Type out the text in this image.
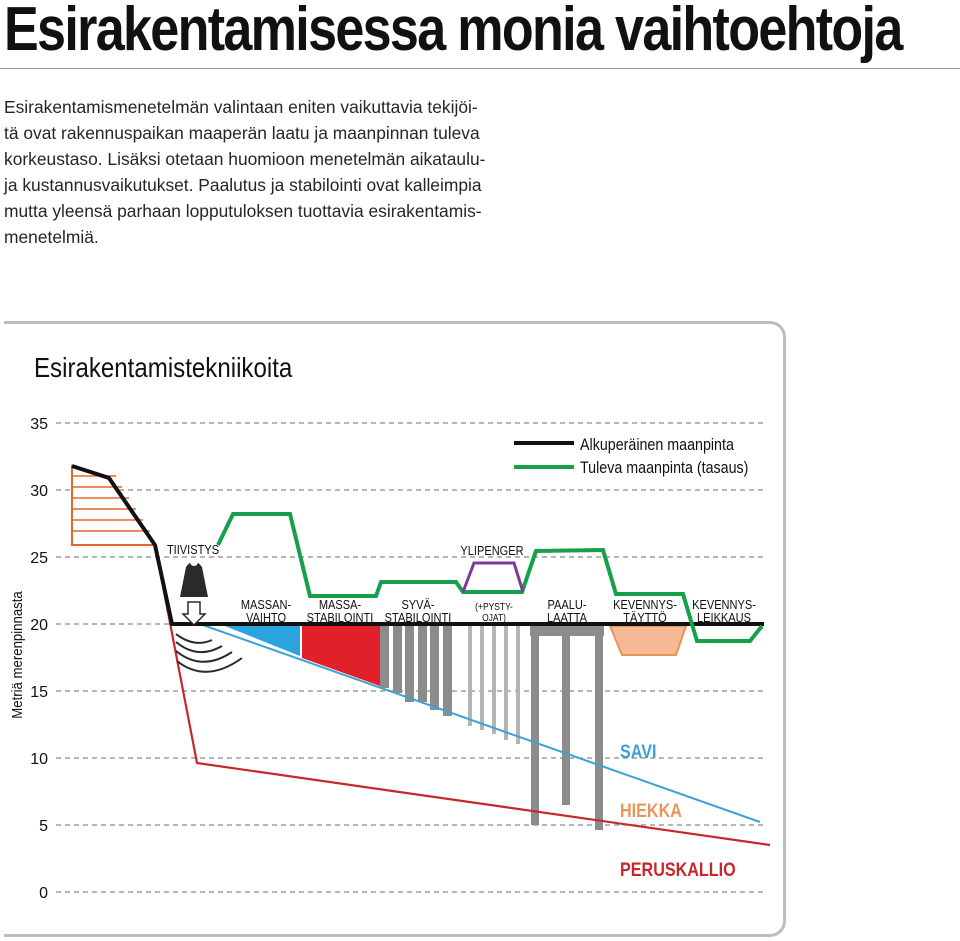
Esirakentamisessa monia vaihtoehtoja
Esirakentamismenetelmän valintaan eniten vaikuttavia tekijöi-
tä ovat rakennuspaikan maaperän laatu ja maanpinnan tuleva
korkeustaso. Lisäksi otetaan huomioon menetelmän aikataulu-
ja kustannusvaikutukset. Paalutus ja stabilointi ovat kalleimpia
mutta yleensä parhaan lopputuloksen tuottavia esirakentamis-
menetelmiä.
Esirakentamistekniikoita
Metriä merenpinnasta
35
30
25
20
15
10
5
0
Alkuperäinen maanpinta
Tuleva maanpinta (tasaus)
TIIVISTYS
MASSAN-
VAIHTO
MASSA-
STABILOINTI
SYVÄ-
STABILOINTI
YLIPENGER
(+PYSTY-
OJAT)
PAALU-
LAATTA
KEVENNYS-
TÄYTTÖ
KEVENNYS-
LEIKKAUS
SAVI
HIEKKA
PERUSKALLIO
